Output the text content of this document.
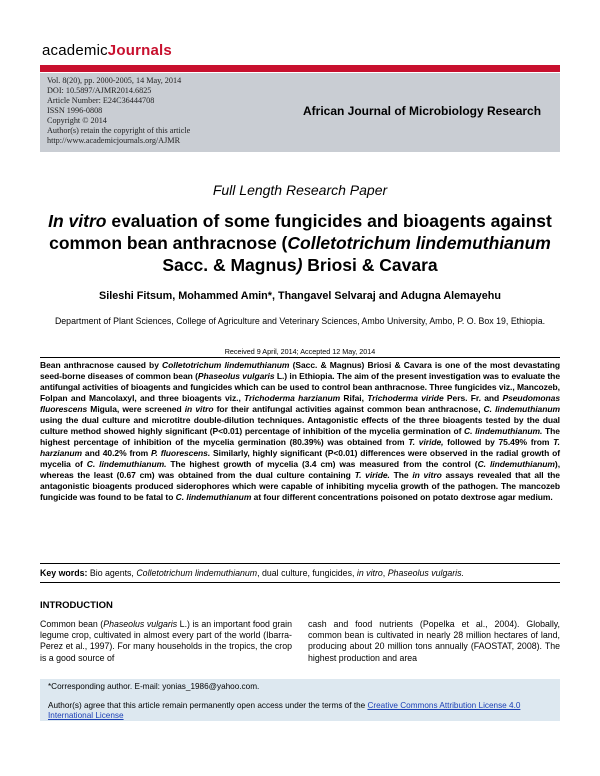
academicJournals
Vol. 8(20), pp. 2000-2005, 14 May, 2014
DOI: 10.5897/AJMR2014.6825
Article Number: E24C36444708
ISSN 1996-0808
Copyright © 2014
Author(s) retain the copyright of this article
http://www.academicjournals.org/AJMR
African Journal of Microbiology Research
Full Length Research Paper
In vitro evaluation of some fungicides and bioagents against common bean anthracnose (Colletotrichum lindemuthianum Sacc. & Magnus) Briosi & Cavara
Sileshi Fitsum, Mohammed Amin*, Thangavel Selvaraj and Adugna Alemayehu
Department of Plant Sciences, College of Agriculture and Veterinary Sciences, Ambo University, Ambo, P. O. Box 19, Ethiopia.
Received 9 April, 2014; Accepted 12 May, 2014
Bean anthracnose caused by Colletotrichum lindemuthianum (Sacc. & Magnus) Briosi & Cavara is one of the most devastating seed-borne diseases of common bean (Phaseolus vulgaris L.) in Ethiopia. The aim of the present investigation was to evaluate the antifungal activities of bioagents and fungicides which can be used to control bean anthracnose. Three fungicides viz., Mancozeb, Folpan and Mancolaxyl, and three bioagents viz., Trichoderma harzianum Rifai, Trichoderma viride Pers. Fr. and Pseudomonas fluorescens Migula, were screened in vitro for their antifungal activities against common bean anthracnose, C. lindemuthianum using the dual culture and microtitre double-dilution techniques. Antagonistic effects of the three bioagents tested by the dual culture method showed highly significant (P<0.01) percentage of inhibition of the mycelia germination of C. lindemuthianum. The highest percentage of inhibition of the mycelia germination (80.39%) was obtained from T. viride, followed by 75.49% from T. harzianum and 40.2% from P. fluorescens. Similarly, highly significant (P<0.01) differences were observed in the radial growth of mycelia of C. lindemuthianum. The highest growth of mycelia (3.4 cm) was measured from the control (C. lindemuthianum), whereas the least (0.67 cm) was obtained from the dual culture containing T. viride. The in vitro assays revealed that all the antagonistic bioagents produced siderophores which were capable of inhibiting mycelia growth of the pathogen. The mancozeb fungicide was found to be fatal to C. lindemuthianum at four different concentrations poisoned on potato dextrose agar medium.
Key words: Bio agents, Colletotrichum lindemuthianum, dual culture, fungicides, in vitro, Phaseolus vulgaris.
INTRODUCTION
Common bean (Phaseolus vulgaris L.) is an important food grain legume crop, cultivated in almost every part of the world (Ibarra-Perez et al., 1997). For many households in the tropics, the crop is a good source of
cash and food nutrients (Popelka et al., 2004). Globally, common bean is cultivated in nearly 28 million hectares of land, producing about 20 million tons annually (FAOSTAT, 2008). The highest production and area
*Corresponding author. E-mail: yonias_1986@yahoo.com.
Author(s) agree that this article remain permanently open access under the terms of the Creative Commons Attribution License 4.0 International License
